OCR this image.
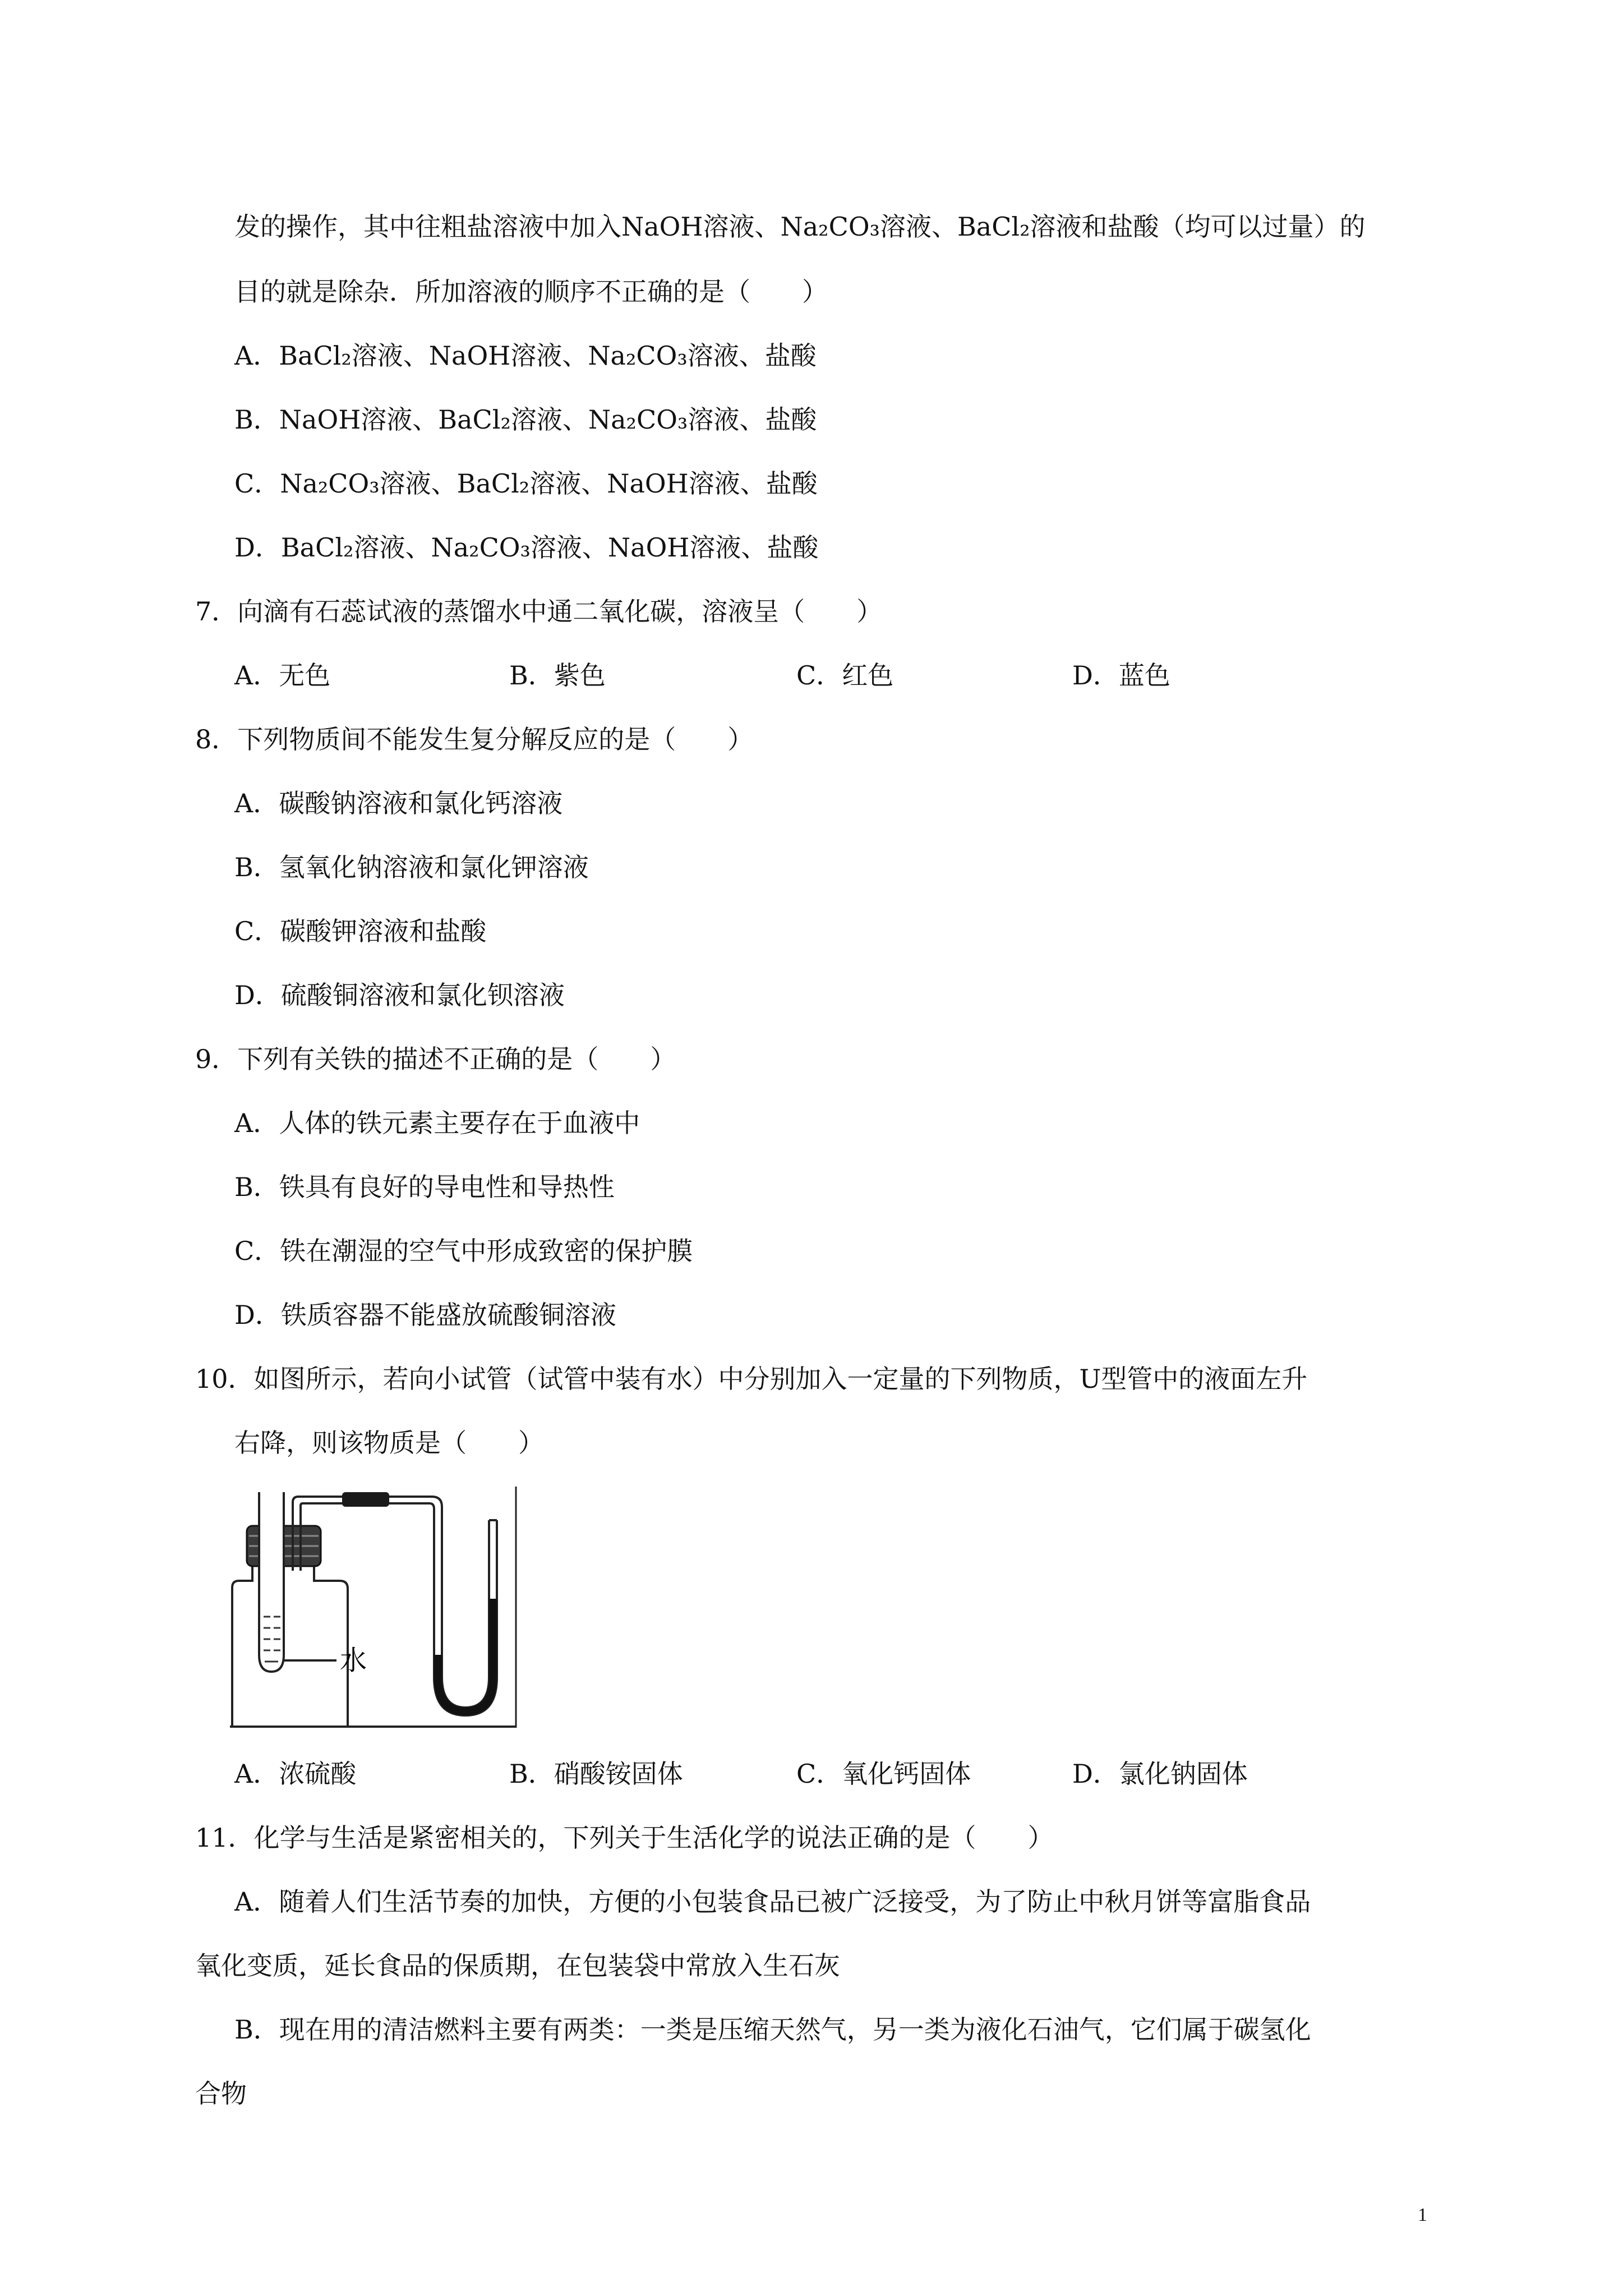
发的操作，其中往粗盐溶液中加入NaOH溶液、Na₂CO₃溶液、BaCl₂溶液和盐酸（均可以过量）的
目的就是除杂．所加溶液的顺序不正确的是（　　）
A．BaCl₂溶液、NaOH溶液、Na₂CO₃溶液、盐酸
B．NaOH溶液、BaCl₂溶液、Na₂CO₃溶液、盐酸
C．Na₂CO₃溶液、BaCl₂溶液、NaOH溶液、盐酸
D．BaCl₂溶液、Na₂CO₃溶液、NaOH溶液、盐酸
7．向滴有石蕊试液的蒸馏水中通二氧化碳，溶液呈（　　）
A．无色	B．紫色	C．红色	D．蓝色
8．下列物质间不能发生复分解反应的是（　　）
A．碳酸钠溶液和氯化钙溶液
B．氢氧化钠溶液和氯化钾溶液
C．碳酸钾溶液和盐酸
D．硫酸铜溶液和氯化钡溶液
9．下列有关铁的描述不正确的是（　　）
A．人体的铁元素主要存在于血液中
B．铁具有良好的导电性和导热性
C．铁在潮湿的空气中形成致密的保护膜
D．铁质容器不能盛放硫酸铜溶液
10．如图所示，若向小试管（试管中装有水）中分别加入一定量的下列物质，U型管中的液面左升
右降，则该物质是（　　）
水
A．浓硫酸	B．硝酸铵固体	C．氧化钙固体	D．氯化钠固体
11．化学与生活是紧密相关的，下列关于生活化学的说法正确的是（　　）
A．随着人们生活节奏的加快，方便的小包装食品已被广泛接受，为了防止中秋月饼等富脂食品
氧化变质，延长食品的保质期，在包装袋中常放入生石灰
B．现在用的清洁燃料主要有两类：一类是压缩天然气，另一类为液化石油气，它们属于碳氢化
合物
1
